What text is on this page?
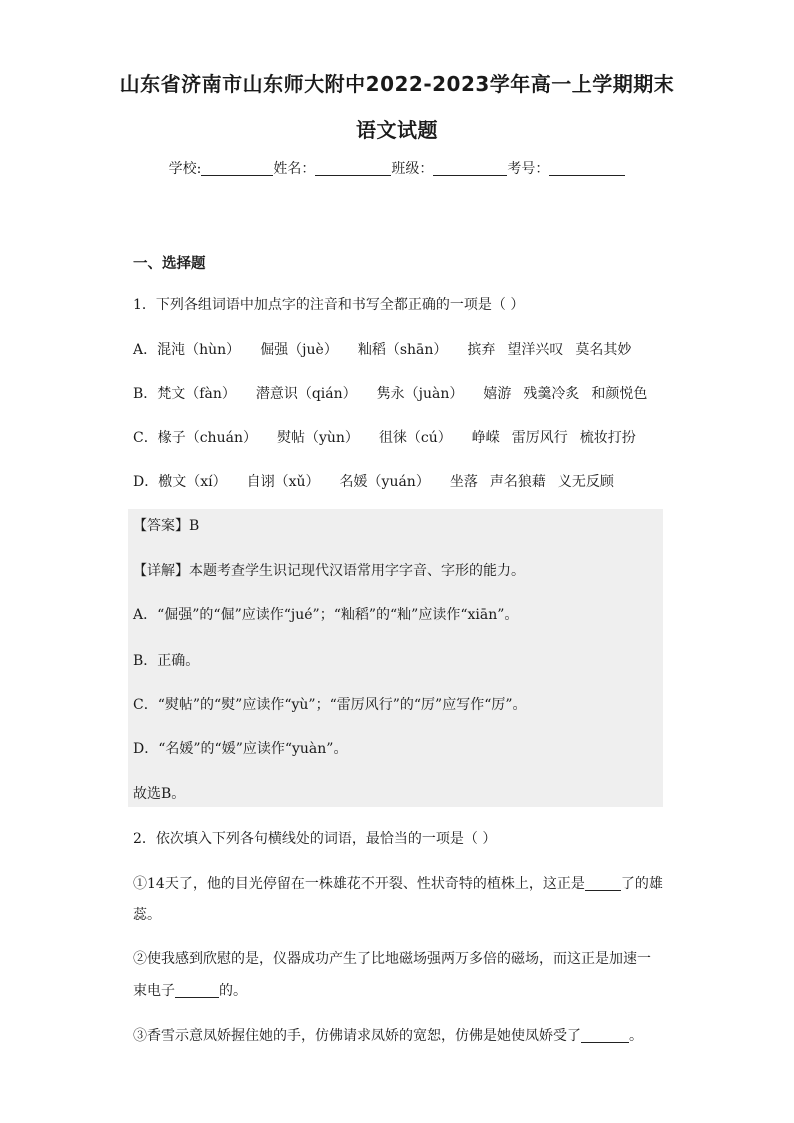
山东省济南市山东师大附中2022-2023学年高一上学期期末
语文试题
学校:	姓名：	班级：	考号：
一、选择题
1．下列各组词语中加点字的注音和书写全都正确的一项是（ ）
A．混沌（hùn） 倔强（juè） 籼稻（shān） 摈弃 望洋兴叹 莫名其妙
B．梵文（fàn） 潜意识（qián） 隽永（juàn） 嬉游 残羹冷炙 和颜悦色
C．椽子（chuán） 熨帖（yùn） 徂徕（cú） 峥嵘 雷厉风行 梳妆打扮
D．檄文（xí） 自诩（xǔ） 名媛（yuán） 坐落 声名狼藉 义无反顾
【答案】B
【详解】本题考查学生识记现代汉语常用字字音、字形的能力。
A．“倔强”的“倔”应读作“jué”；“籼稻”的“籼”应读作“xiān”。
B．正确。
C．“熨帖”的“熨”应读作“yù”；“雷厉风行”的“厉”应写作“厉”。
D．“名媛”的“媛”应读作“yuàn”。
故选B。
2．依次填入下列各句横线处的词语，最恰当的一项是（ ）
①14天了，他的目光停留在一株雄花不开裂、性状奇特的植株上，这正是	了的雄
蕊。
②使我感到欣慰的是，仪器成功产生了比地磁场强两万多倍的磁场，而这正是加速一
束电子	的。
③香雪示意凤娇握住她的手，仿佛请求凤娇的宽恕，仿佛是她使凤娇受了	。
